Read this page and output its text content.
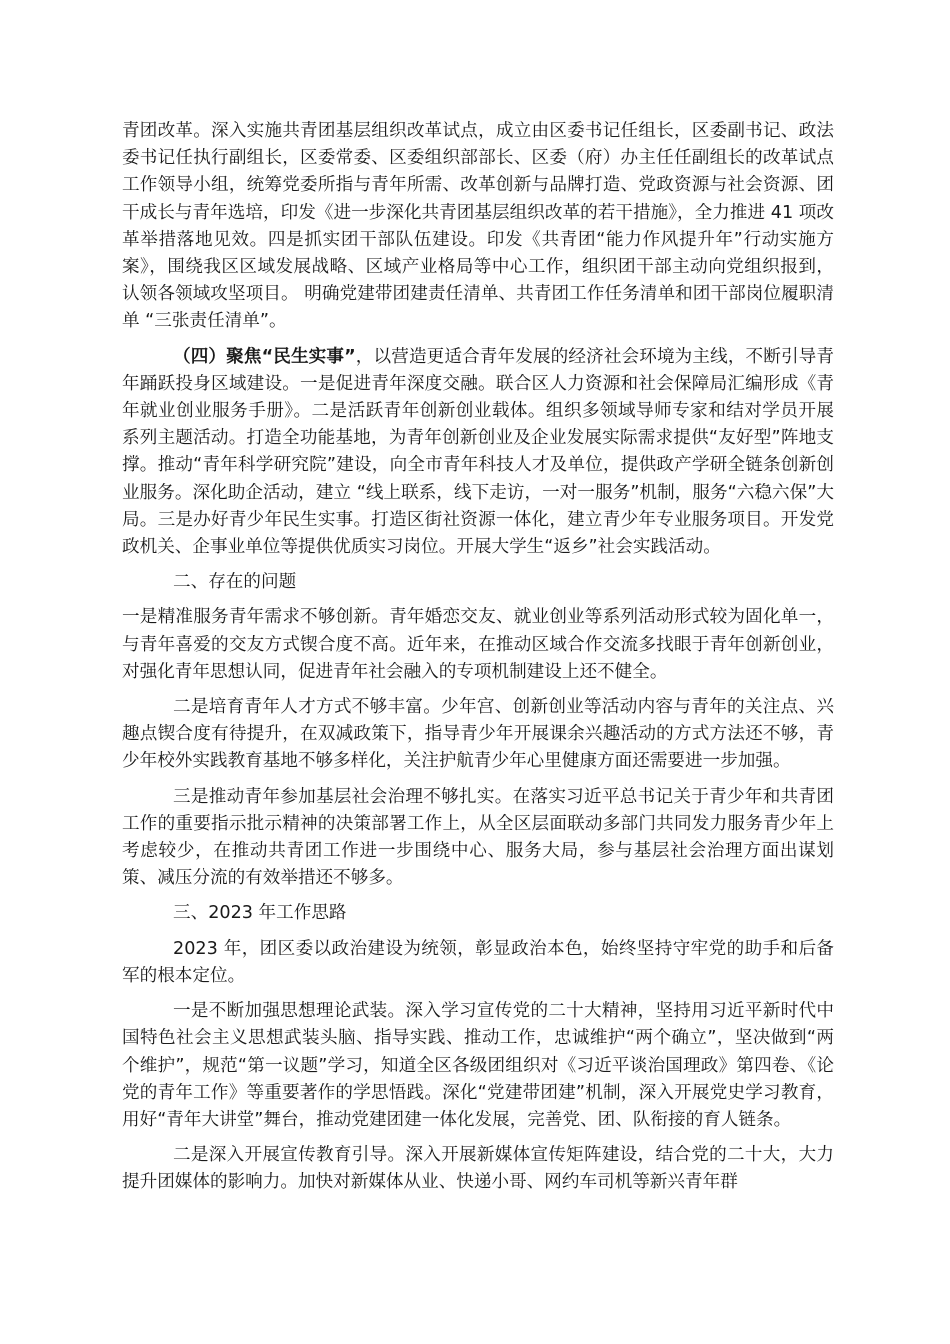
青团改革。深入实施共青团基层组织改革试点，成立由区委书记任组长，区委副书记、政法委书记任执行副组长，区委常委、区委组织部部长、区委（府）办主任任副组长的改革试点工作领导小组，统筹党委所指与青年所需、改革创新与品牌打造、党政资源与社会资源、团干成长与青年选培，印发《进一步深化共青团基层组织改革的若干措施》，全力推进 41 项改革举措落地见效。四是抓实团干部队伍建设。印发《共青团“能力作风提升年”行动实施方案》，围绕我区区域发展战略、区域产业格局等中心工作，组织团干部主动向党组织报到，认领各领域攻坚项目。 明确党建带团建责任清单、共青团工作任务清单和团干部岗位履职清单 “三张责任清单”。

（四）聚焦“民生实事”，以营造更适合青年发展的经济社会环境为主线，不断引导青年踊跃投身区域建设。一是促进青年深度交融。联合区人力资源和社会保障局汇编形成《青年就业创业服务手册》。二是活跃青年创新创业载体。组织多领域导师专家和结对学员开展系列主题活动。打造全功能基地，为青年创新创业及企业发展实际需求提供“友好型”阵地支撑。推动“青年科学研究院”建设，向全市青年科技人才及单位，提供政产学研全链条创新创业服务。深化助企活动，建立 “线上联系，线下走访，一对一服务”机制，服务“六稳六保”大局。三是办好青少年民生实事。打造区街社资源一体化，建立青少年专业服务项目。开发党政机关、企事业单位等提供优质实习岗位。开展大学生“返乡”社会实践活动。

二、存在的问题

一是精准服务青年需求不够创新。青年婚恋交友、就业创业等系列活动形式较为固化单一，与青年喜爱的交友方式锲合度不高。近年来，在推动区域合作交流多找眼于青年创新创业，对强化青年思想认同，促进青年社会融入的专项机制建设上还不健全。

二是培育青年人才方式不够丰富。少年宫、创新创业等活动内容与青年的关注点、兴趣点锲合度有待提升，在双减政策下，指导青少年开展课余兴趣活动的方式方法还不够，青少年校外实践教育基地不够多样化，关注护航青少年心里健康方面还需要进一步加强。

三是推动青年参加基层社会治理不够扎实。在落实习近平总书记关于青少年和共青团工作的重要指示批示精神的决策部署工作上，从全区层面联动多部门共同发力服务青少年上考虑较少，在推动共青团工作进一步围绕中心、服务大局，参与基层社会治理方面出谋划策、减压分流的有效举措还不够多。

三、2023 年工作思路

2023 年，团区委以政治建设为统领，彰显政治本色，始终坚持守牢党的助手和后备军的根本定位。

一是不断加强思想理论武装。深入学习宣传党的二十大精神，坚持用习近平新时代中国特色社会主义思想武装头脑、指导实践、推动工作，忠诚维护“两个确立”，坚决做到“两个维护”，规范“第一议题”学习，知道全区各级团组织对《习近平谈治国理政》第四卷、《论党的青年工作》等重要著作的学思悟践。深化“党建带团建”机制，深入开展党史学习教育，用好“青年大讲堂”舞台，推动党建团建一体化发展，完善党、团、队衔接的育人链条。

二是深入开展宣传教育引导。深入开展新媒体宣传矩阵建设，结合党的二十大，大力提升团媒体的影响力。加快对新媒体从业、快递小哥、网约车司机等新兴青年群
